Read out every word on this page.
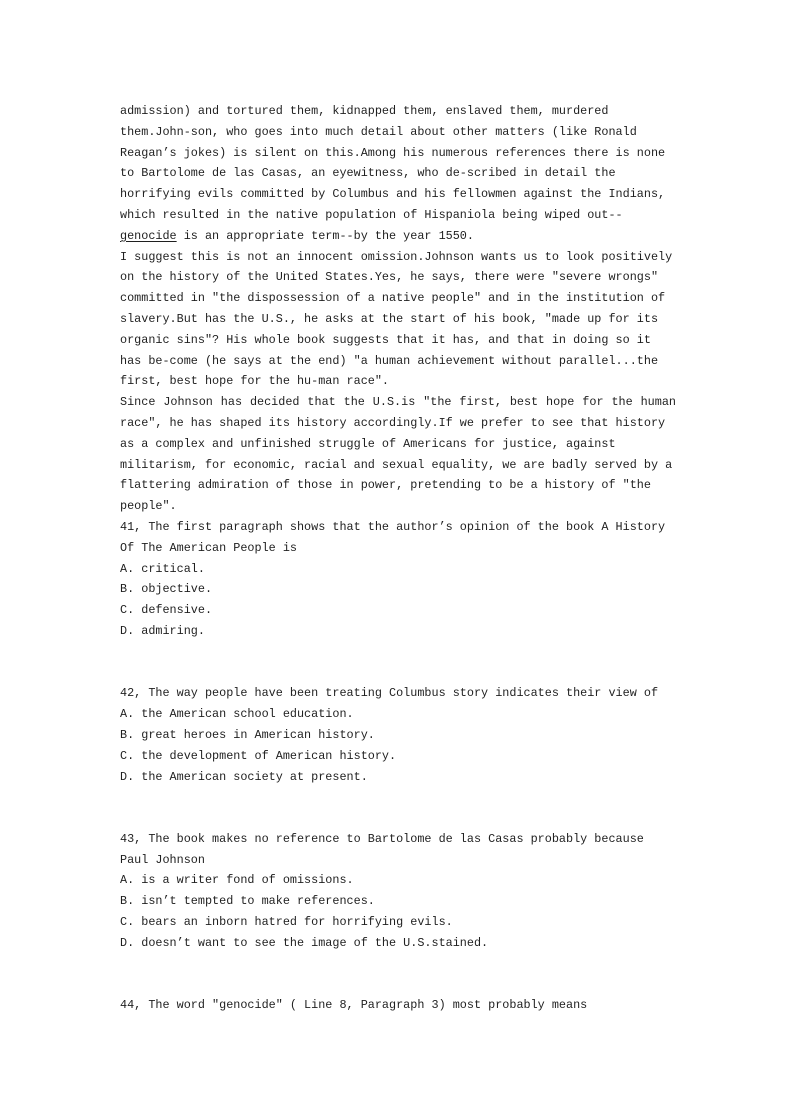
admission) and tortured them, kidnapped them, enslaved them, murdered
them.John-son, who goes into much detail about other matters (like Ronald
Reagan’s jokes) is silent on this.Among his numerous references there is none
to Bartolome de las Casas, an eyewitness, who de-scribed in detail the
horrifying evils committed by Columbus and his fellowmen against the Indians,
which resulted in the native population of Hispaniola being wiped out--
genocide is an appropriate term--by the year 1550.
I suggest this is not an innocent omission.Johnson wants us to look positively
on the history of the United States.Yes, he says, there were ″severe wrongs″
committed in ″the dispossession of a native people″ and in the institution of
slavery.But has the U.S., he asks at the start of his book, ″made up for its
organic sins″? His whole book suggests that it has, and that in doing so it
has be-come (he says at the end) ″a human achievement without parallel...the
first, best hope for the hu-man race″.
Since Johnson has decided that the U.S.is ″the first, best hope for the human
race″, he has shaped its history accordingly.If we prefer to see that history
as a complex and unfinished struggle of Americans for justice, against
militarism, for economic, racial and sexual equality, we are badly served by a
flattering admiration of those in power, pretending to be a history of ″the
people″.
41, The first paragraph shows that the author’s opinion of the book A History
Of The American People is
A. critical.
B. objective.
C. defensive.
D. admiring.
42, The way people have been treating Columbus story indicates their view of
A. the American school education.
B. great heroes in American history.
C. the development of American history.
D. the American society at present.
43, The book makes no reference to Bartolome de las Casas probably because
Paul Johnson
A. is a writer fond of omissions.
B. isn’t tempted to make references.
C. bears an inborn hatred for horrifying evils.
D. doesn’t want to see the image of the U.S.stained.
44, The word ″genocide″ ( Line 8, Paragraph 3) most probably means
